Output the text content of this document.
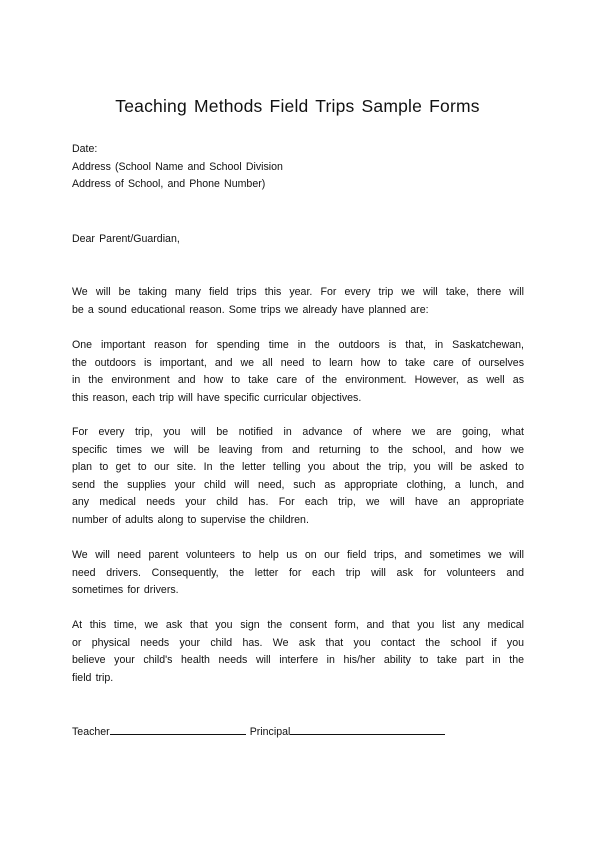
Teaching Methods Field Trips Sample Forms
Date:
Address (School Name and School Division
Address of School, and Phone Number)
Dear Parent/Guardian,
We will be taking many field trips this year. For every trip we will take, there will
be a sound educational reason. Some trips we already have planned are:
One important reason for spending time in the outdoors is that, in Saskatchewan,
the outdoors is important, and we all need to learn how to take care of ourselves
in the environment and how to take care of the environment. However, as well as
this reason, each trip will have specific curricular objectives.
For every trip, you will be notified in advance of where we are going, what
specific times we will be leaving from and returning to the school, and how we
plan to get to our site. In the letter telling you about the trip, you will be asked to
send the supplies your child will need, such as appropriate clothing, a lunch, and
any medical needs your child has. For each trip, we will have an appropriate
number of adults along to supervise the children.
We will need parent volunteers to help us on our field trips, and sometimes we will
need drivers. Consequently, the letter for each trip will ask for volunteers and
sometimes for drivers.
At this time, we ask that you sign the consent form, and that you list any medical
or physical needs your child has. We ask that you contact the school if you
believe your child's health needs will interfere in his/her ability to take part in the
field trip.
Teacher	Principal
